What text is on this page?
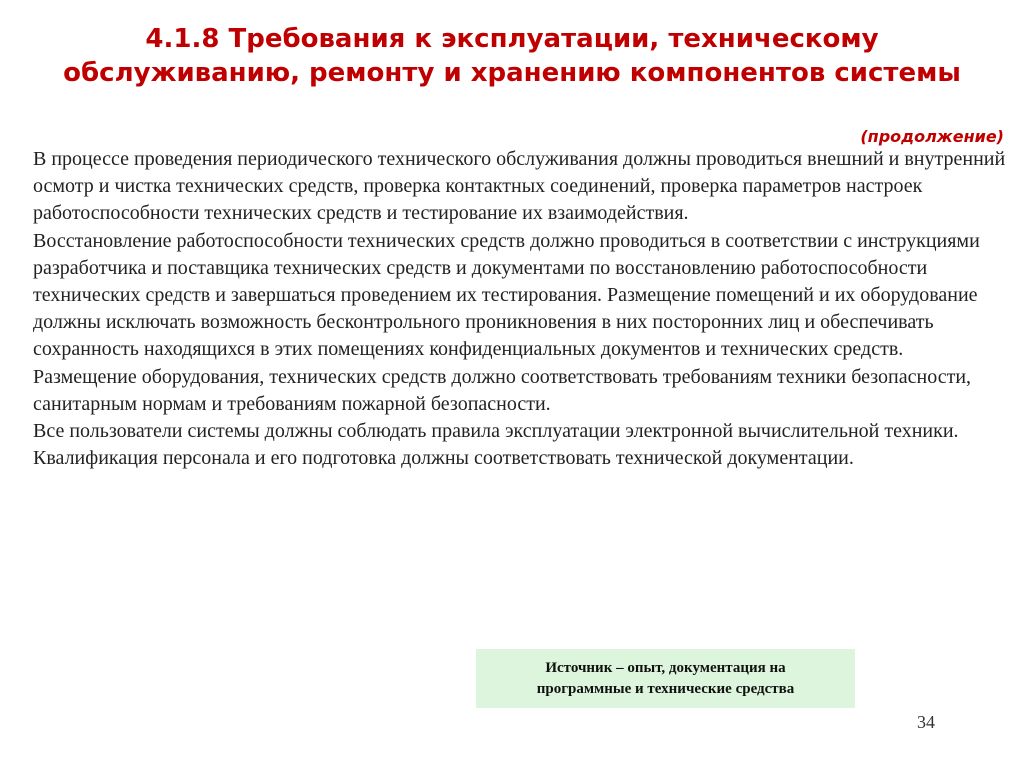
4.1.8 Требования к эксплуатации, техническому
обслуживанию, ремонту и хранению компонентов системы
(продолжение)

В процессе проведения периодического технического обслуживания должны проводиться внешний и внутренний осмотр и чистка технических средств, проверка контактных соединений, проверка параметров настроек работоспособности технических средств и тестирование их взаимодействия.

Восстановление работоспособности технических средств должно проводиться в соответствии с инструкциями разработчика и поставщика технических средств и документами по восстановлению работоспособности технических средств и завершаться проведением их тестирования. Размещение помещений и их оборудование должны исключать возможность бесконтрольного проникновения в них посторонних лиц и обеспечивать сохранность находящихся в этих помещениях конфиденциальных документов и технических средств.

Размещение оборудования, технических средств должно соответствовать требованиям техники безопасности, санитарным нормам и требованиям пожарной безопасности.

Все пользователи системы должны соблюдать правила эксплуатации электронной вычислительной техники.

Квалификация персонала и его подготовка должны соответствовать технической документации.

Источник – опыт, документация на
программные и технические средства
34
